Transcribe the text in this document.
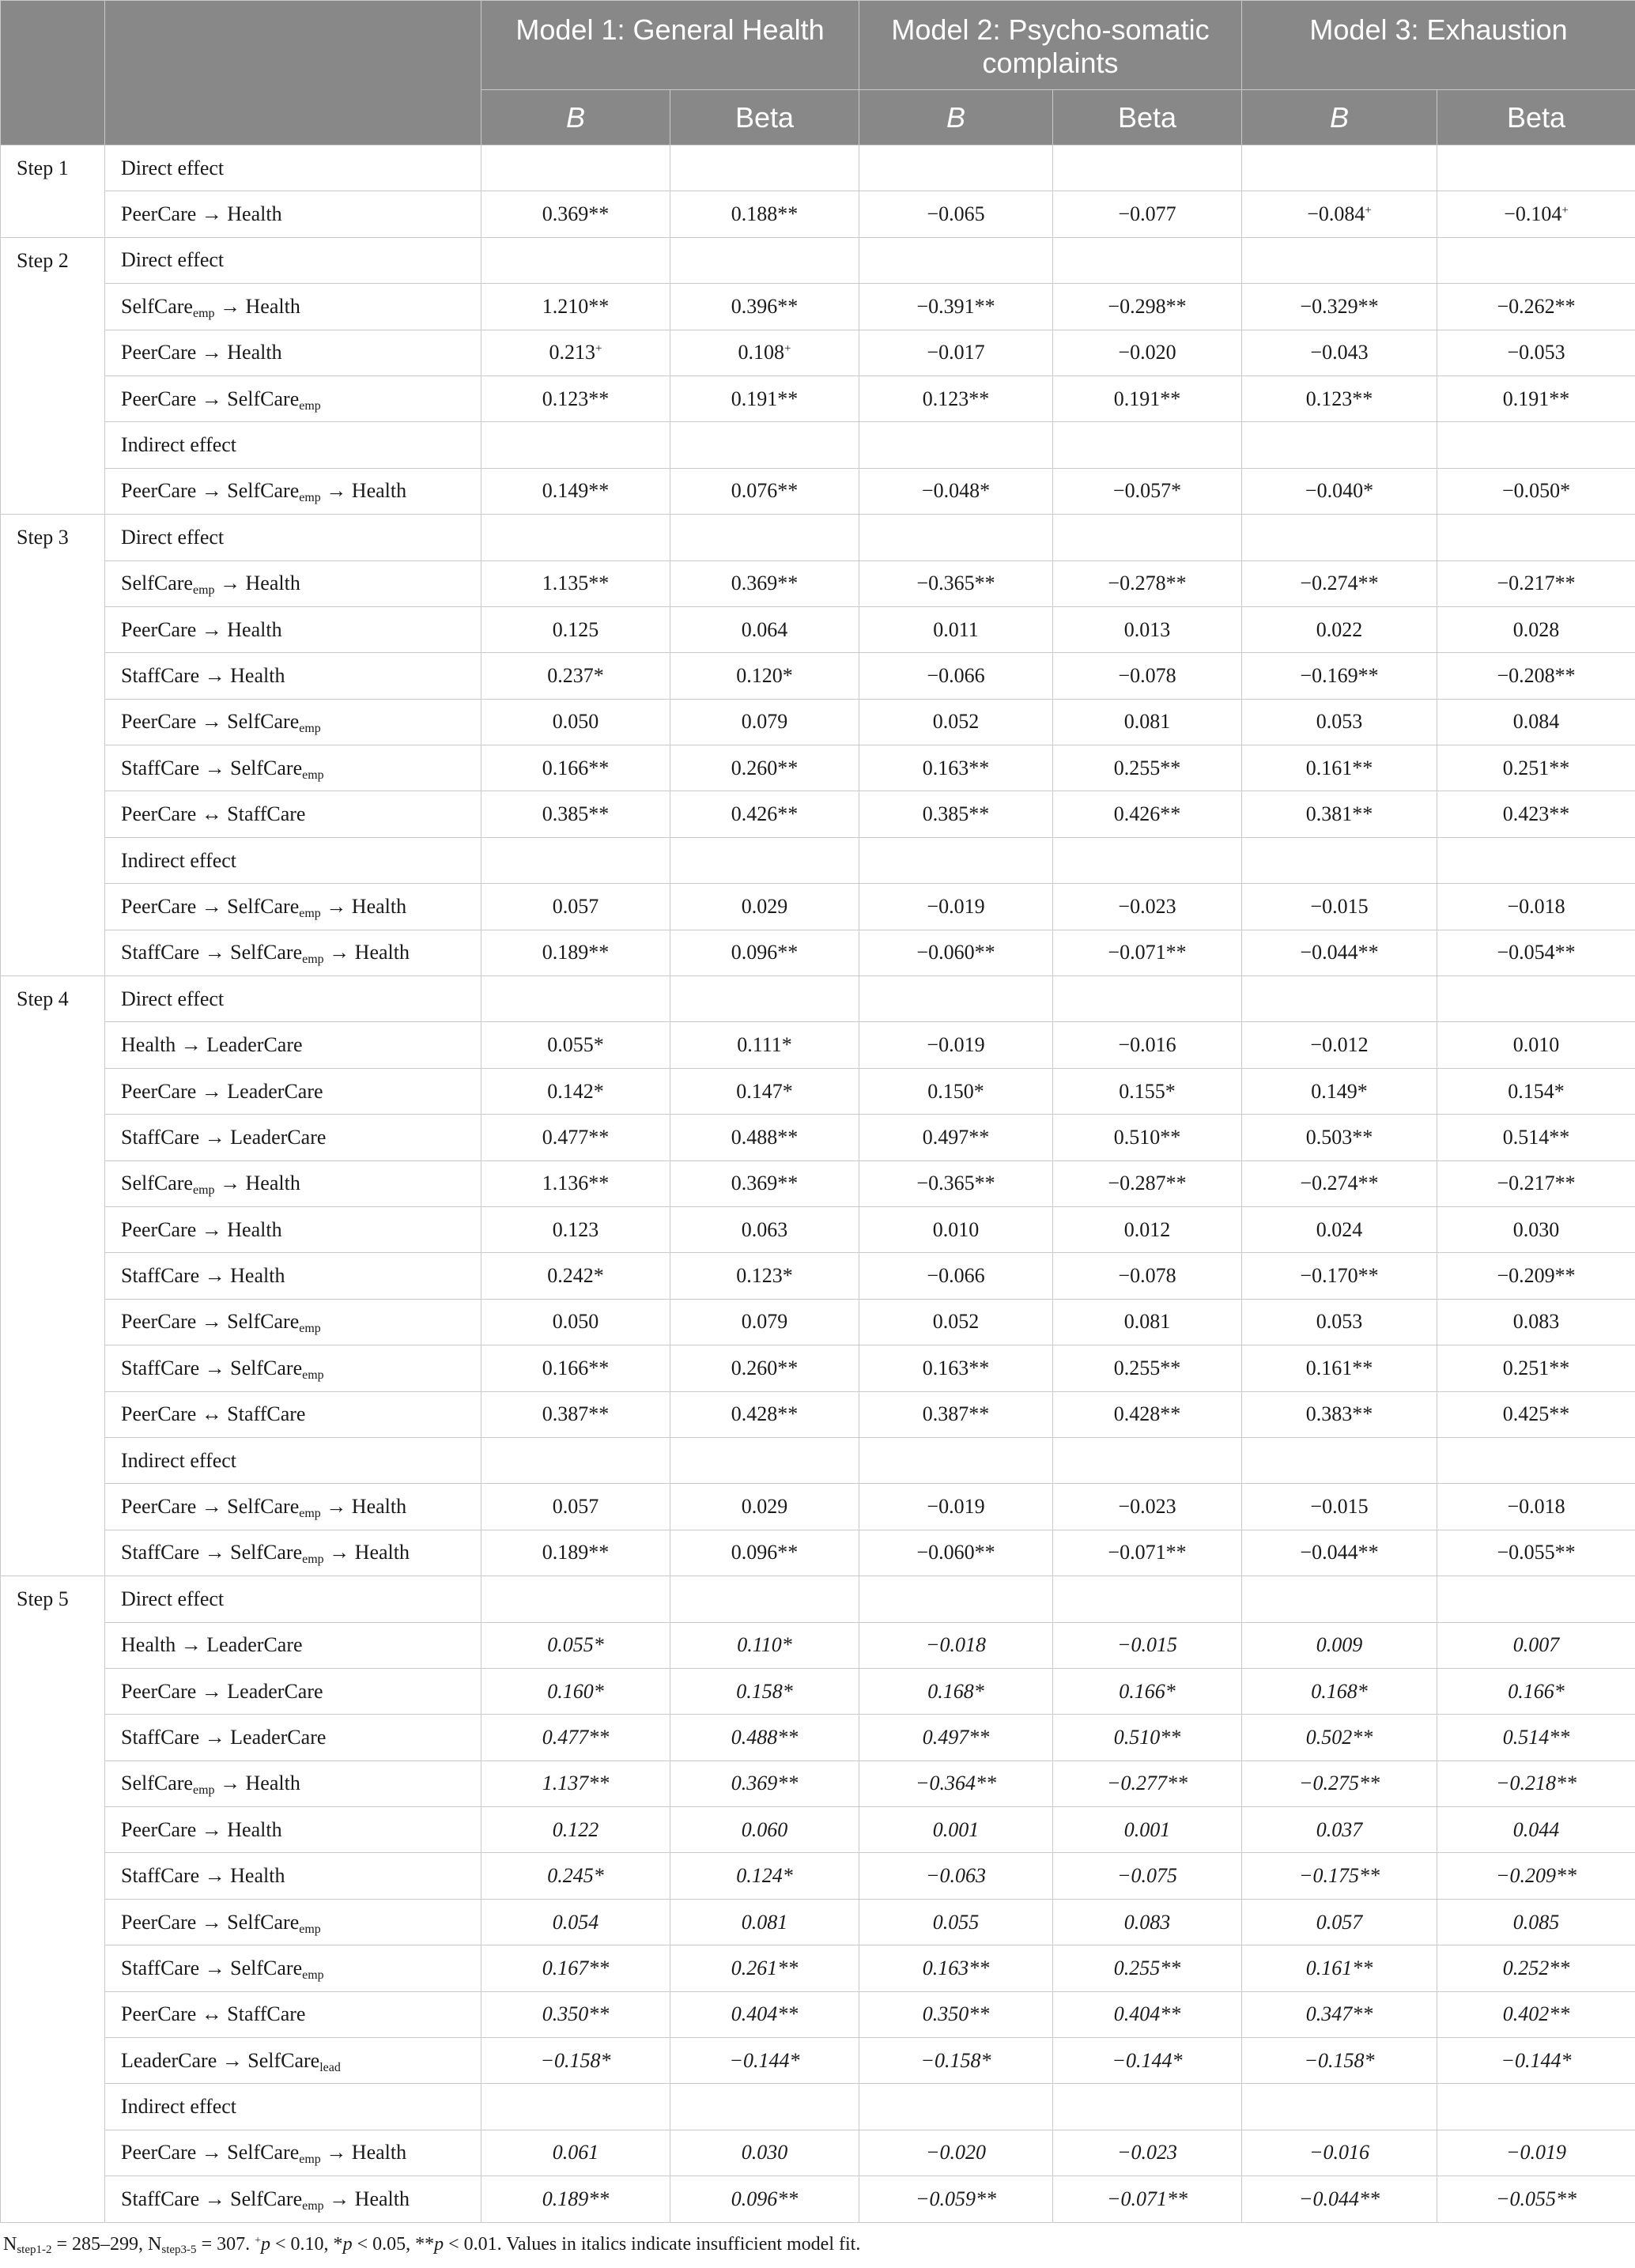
		Model 1: General Health		Model 2: Psycho-somatic complaints		Model 3: Exhaustion	
		B	Beta	B	Beta	B	Beta
Step 1	Direct effect						
	PeerCare → Health	0.369**	0.188**	−0.065	−0.077	−0.084+	−0.104+
Step 2	Direct effect						
	SelfCare$_{emp}$ → Health	1.210**	0.396**	−0.391**	−0.298**	−0.329**	−0.262**
	PeerCare → Health	0.213+	0.108+	−0.017	−0.020	−0.043	−0.053
	PeerCare → SelfCare$_{emp}$	0.123**	0.191**	0.123**	0.191**	0.123**	0.191**
	Indirect effect						
	PeerCare → SelfCare$_{emp}$ → Health	0.149**	0.076**	−0.048*	−0.057*	−0.040*	−0.050*
Step 3	Direct effect						
	SelfCare$_{emp}$ → Health	1.135**	0.369**	−0.365**	−0.278**	−0.274**	−0.217**
	PeerCare → Health	0.125	0.064	0.011	0.013	0.022	0.028
	StaffCare → Health	0.237*	0.120*	−0.066	−0.078	−0.169**	−0.208**
	PeerCare → SelfCare$_{emp}$	0.050	0.079	0.052	0.081	0.053	0.084
	StaffCare → SelfCare$_{emp}$	0.166**	0.260**	0.163**	0.255**	0.161**	0.251**
	PeerCare ↔ StaffCare	0.385**	0.426**	0.385**	0.426**	0.381**	0.423**
	Indirect effect						
	PeerCare → SelfCare$_{emp}$ → Health	0.057	0.029	−0.019	−0.023	−0.015	−0.018
	StaffCare → SelfCare$_{emp}$ → Health	0.189**	0.096**	−0.060**	−0.071**	−0.044**	−0.054**
Step 4	Direct effect						
	Health → LeaderCare	0.055*	0.111*	−0.019	−0.016	−0.012	0.010
	PeerCare → LeaderCare	0.142*	0.147*	0.150*	0.155*	0.149*	0.154*
	StaffCare → LeaderCare	0.477**	0.488**	0.497**	0.510**	0.503**	0.514**
	SelfCare$_{emp}$ → Health	1.136**	0.369**	−0.365**	−0.287**	−0.274**	−0.217**
	PeerCare → Health	0.123	0.063	0.010	0.012	0.024	0.030
	StaffCare → Health	0.242*	0.123*	−0.066	−0.078	−0.170**	−0.209**
	PeerCare → SelfCare$_{emp}$	0.050	0.079	0.052	0.081	0.053	0.083
	StaffCare → SelfCare$_{emp}$	0.166**	0.260**	0.163**	0.255**	0.161**	0.251**
	PeerCare ↔ StaffCare	0.387**	0.428**	0.387**	0.428**	0.383**	0.425**
	Indirect effect						
	PeerCare → SelfCare$_{emp}$ → Health	0.057	0.029	−0.019	−0.023	−0.015	−0.018
	StaffCare → SelfCare$_{emp}$ → Health	0.189**	0.096**	−0.060**	−0.071**	−0.044**	−0.055**
Step 5	Direct effect						
	Health → LeaderCare	0.055*	0.110*	−0.018	−0.015	0.009	0.007
	PeerCare → LeaderCare	0.160*	0.158*	0.168*	0.166*	0.168*	0.166*
	StaffCare → LeaderCare	0.477**	0.488**	0.497**	0.510**	0.502**	0.514**
	SelfCare$_{emp}$ → Health	1.137**	0.369**	−0.364**	−0.277**	−0.275**	−0.218**
	PeerCare → Health	0.122	0.060	0.001	0.001	0.037	0.044
	StaffCare → Health	0.245*	0.124*	−0.063	−0.075	−0.175**	−0.209**
	PeerCare → SelfCare$_{emp}$	0.054	0.081	0.055	0.083	0.057	0.085
	StaffCare → SelfCare$_{emp}$	0.167**	0.261**	0.163**	0.255**	0.161**	0.252**
	PeerCare ↔ StaffCare	0.350**	0.404**	0.350**	0.404**	0.347**	0.402**
	LeaderCare → SelfCare$_{lead}$	−0.158*	−0.144*	−0.158*	−0.144*	−0.158*	−0.144*
	Indirect effect						
	PeerCare → SelfCare$_{emp}$ → Health	0.061	0.030	−0.020	−0.023	−0.016	−0.019
	StaffCare → SelfCare$_{emp}$ → Health	0.189**	0.096**	−0.059**	−0.071**	−0.044**	−0.055**
$N_{step1-2} = 285-299$, $N_{step3-5} = 307$. +p < 0.10, *p < 0.05, **p < 0.01. Values in italics indicate insufficient model fit.
